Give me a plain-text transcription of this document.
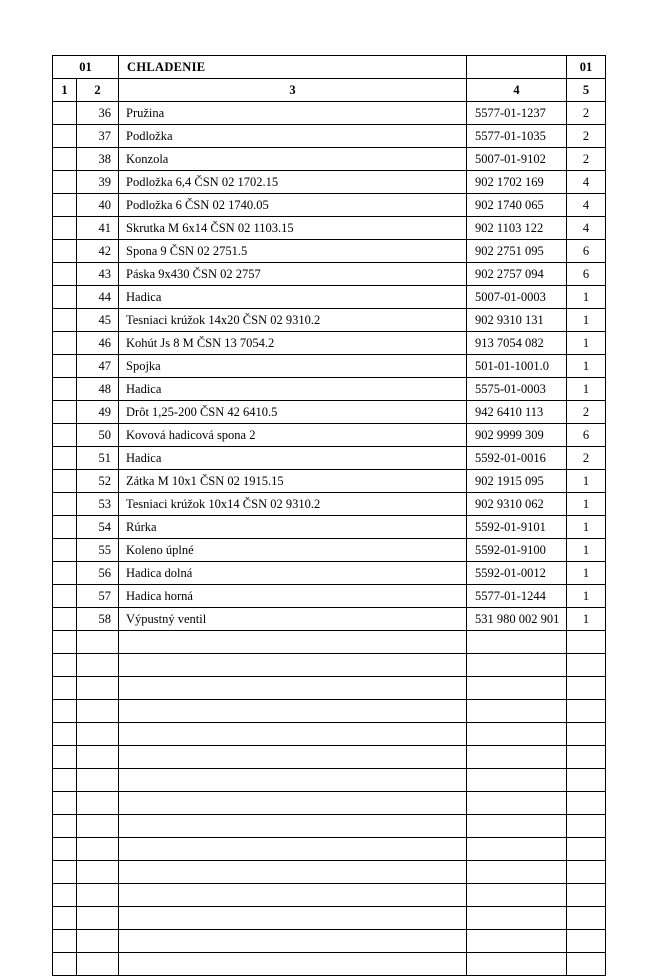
01		CHLADENIE		01
1	2	3	4	5
	36	Pružina	5577-01-1237	2
	37	Podložka	5577-01-1035	2
	38	Konzola	5007-01-9102	2
	39	Podložka 6,4 ČSN 02 1702.15	902 1702 169	4
	40	Podložka 6 ČSN 02 1740.05	902 1740 065	4
	41	Skrutka M 6x14 ČSN 02 1103.15	902 1103 122	4
	42	Spona 9 ČSN 02 2751.5	902 2751 095	6
	43	Páska 9x430 ČSN 02 2757	902 2757 094	6
	44	Hadica	5007-01-0003	1
	45	Tesniaci krúžok 14x20 ČSN 02 9310.2	902 9310 131	1
	46	Kohút Js 8 M ČSN 13 7054.2	913 7054 082	1
	47	Spojka	501-01-1001.0	1
	48	Hadica	5575-01-0003	1
	49	Drôt 1,25-200 ČSN 42 6410.5	942 6410 113	2
	50	Kovová hadicová spona 2	902 9999 309	6
	51	Hadica	5592-01-0016	2
	52	Zátka M 10x1 ČSN 02 1915.15	902 1915 095	1
	53	Tesniaci krúžok 10x14 ČSN 02 9310.2	902 9310 062	1
	54	Rúrka	5592-01-9101	1
	55	Koleno úplné	5592-01-9100	1
	56	Hadica dolná	5592-01-0012	1
	57	Hadica horná	5577-01-1244	1
	58	Výpustný ventil	531 980 002 901	1
